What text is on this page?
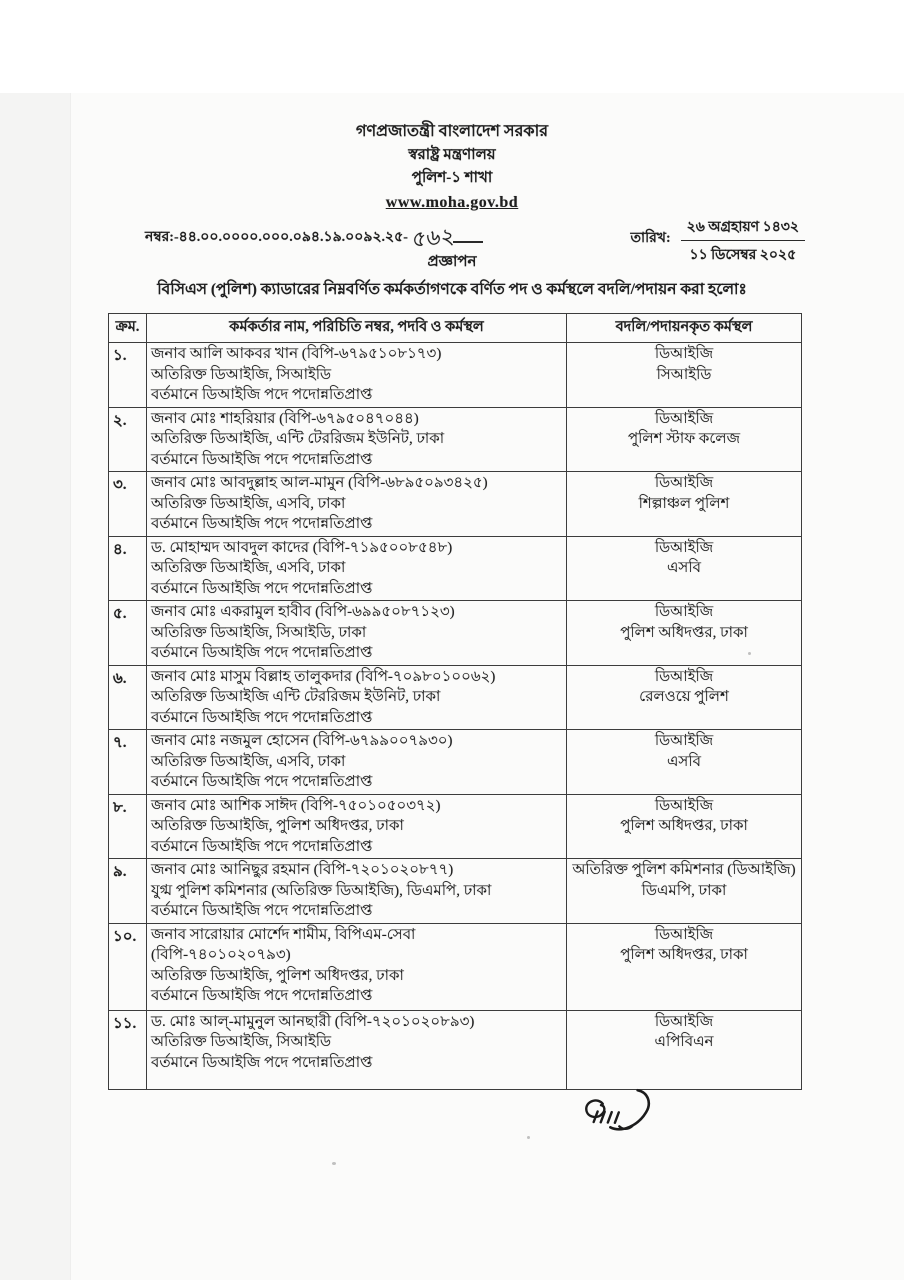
গণপ্রজাতন্ত্রী বাংলাদেশ সরকার
স্বরাষ্ট্র মন্ত্রণালয়
পুলিশ-১ শাখা
www.moha.gov.bd
নম্বর:-৪৪.০০.০০০০.০০০.০৯৪.১৯.০০৯২.২৫- ৫৬২	তারিখ:
২৬ অগ্রহায়ণ ১৪৩২
১১ ডিসেম্বর ২০২৫
প্রজ্ঞাপন
বিসিএস (পুলিশ) ক্যাডারের নিম্নবর্ণিত কর্মকর্তাগণকে বর্ণিত পদ ও কর্মস্থলে বদলি/পদায়ন করা হলোঃ
ক্রম.	কর্মকর্তার নাম, পরিচিতি নম্বর, পদবি ও কর্মস্থল	বদলি/পদায়নকৃত কর্মস্থল
১.	জনাব আলি আকবর খান (বিপি-৬৭৯৫১০৮১৭৩)
অতিরিক্ত ডিআইজি, সিআইডি
বর্তমানে ডিআইজি পদে পদোন্নতিপ্রাপ্ত

ডিআইজি
সিআইডি

২.	জনাব মোঃ শাহরিয়ার (বিপি-৬৭৯৫০৪৭০৪৪)
অতিরিক্ত ডিআইজি, এন্টি টেররিজম ইউনিট, ঢাকা
বর্তমানে ডিআইজি পদে পদোন্নতিপ্রাপ্ত

ডিআইজি
পুলিশ স্টাফ কলেজ

৩.	জনাব মোঃ আবদুল্লাহ আল-মামুন (বিপি-৬৮৯৫০৯৩৪২৫)
অতিরিক্ত ডিআইজি, এসবি, ঢাকা
বর্তমানে ডিআইজি পদে পদোন্নতিপ্রাপ্ত

ডিআইজি
শিল্পাঞ্চল পুলিশ

৪.	ড. মোহাম্মদ আবদুল কাদের (বিপি-৭১৯৫০০৮৫৪৮)
অতিরিক্ত ডিআইজি, এসবি, ঢাকা
বর্তমানে ডিআইজি পদে পদোন্নতিপ্রাপ্ত

ডিআইজি
এসবি

৫.	জনাব মোঃ একরামুল হাবীব (বিপি-৬৯৯৫০৮৭১২৩)
অতিরিক্ত ডিআইজি, সিআইডি, ঢাকা
বর্তমানে ডিআইজি পদে পদোন্নতিপ্রাপ্ত

ডিআইজি
পুলিশ অধিদপ্তর, ঢাকা

৬.	জনাব মোঃ মাসুম বিল্লাহ তালুকদার (বিপি-৭০৯৮০১০০৬২)
অতিরিক্ত ডিআইজি এন্টি টেররিজম ইউনিট, ঢাকা
বর্তমানে ডিআইজি পদে পদোন্নতিপ্রাপ্ত

ডিআইজি
রেলওয়ে পুলিশ

৭.	জনাব মোঃ নজমুল হোসেন (বিপি-৬৭৯৯০০৭৯৩০)
অতিরিক্ত ডিআইজি, এসবি, ঢাকা
বর্তমানে ডিআইজি পদে পদোন্নতিপ্রাপ্ত

ডিআইজি
এসবি

৮.	জনাব মোঃ আশিক সাঈদ (বিপি-৭৫০১০৫০৩৭২)
অতিরিক্ত ডিআইজি, পুলিশ অধিদপ্তর, ঢাকা
বর্তমানে ডিআইজি পদে পদোন্নতিপ্রাপ্ত

ডিআইজি
পুলিশ অধিদপ্তর, ঢাকা

৯.	জনাব মোঃ আনিছুর রহমান (বিপি-৭২০১০২০৮৭৭)
যুগ্ম পুলিশ কমিশনার (অতিরিক্ত ডিআইজি), ডিএমপি, ঢাকা
বর্তমানে ডিআইজি পদে পদোন্নতিপ্রাপ্ত

অতিরিক্ত পুলিশ কমিশনার (ডিআইজি)
ডিএমপি, ঢাকা

১০.	জনাব সারোয়ার মোর্শেদ শামীম, বিপিএম-সেবা
(বিপি-৭৪০১০২০৭৯৩)
অতিরিক্ত ডিআইজি, পুলিশ অধিদপ্তর, ঢাকা
বর্তমানে ডিআইজি পদে পদোন্নতিপ্রাপ্ত

ডিআইজি
পুলিশ অধিদপ্তর, ঢাকা

১১.	ড. মোঃ আল্-মামুনুল আনছারী (বিপি-৭২০১০২০৮৯৩)
অতিরিক্ত ডিআইজি, সিআইডি
বর্তমানে ডিআইজি পদে পদোন্নতিপ্রাপ্ত

ডিআইজি
এপিবিএন
